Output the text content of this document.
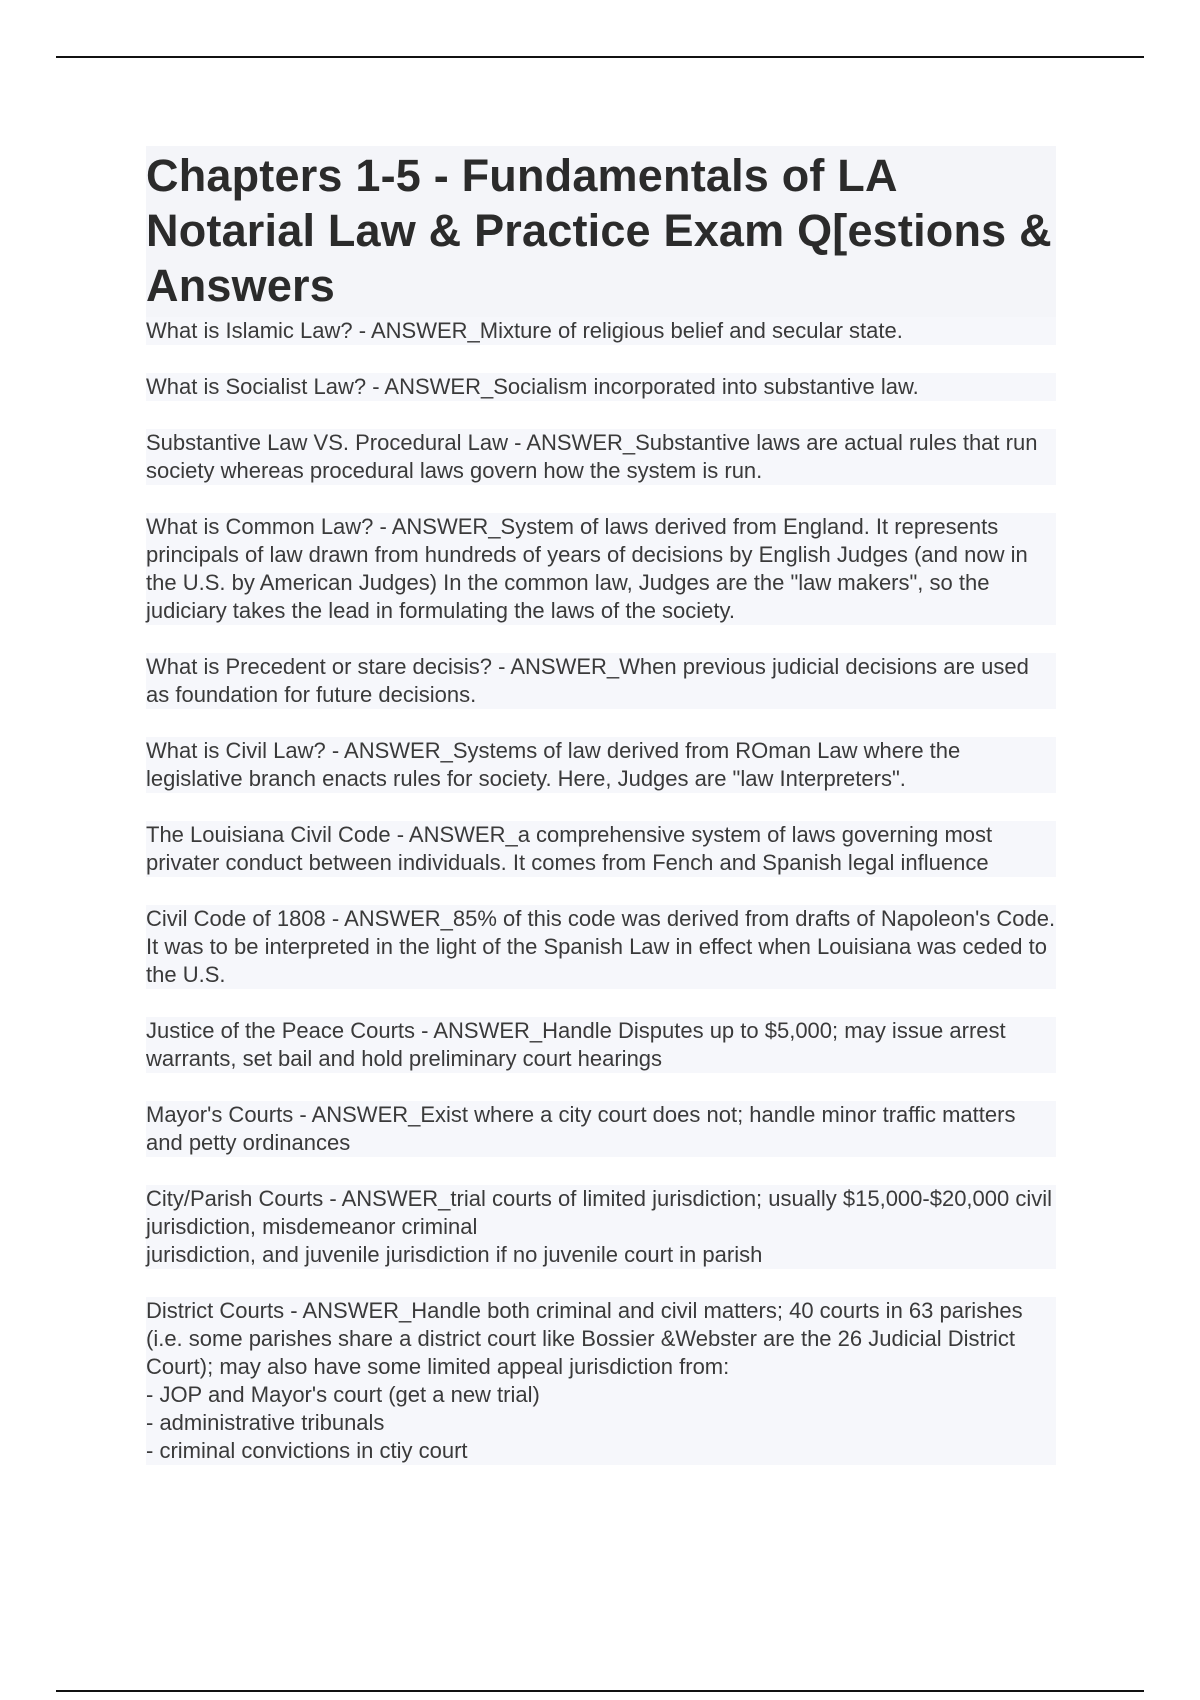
Chapters 1-5 - Fundamentals of LA Notarial Law & Practice Exam Q[estions & Answers

What is Islamic Law? - ANSWER_Mixture of religious belief and secular state.

What is Socialist Law? - ANSWER_Socialism incorporated into substantive law.

Substantive Law VS. Procedural Law - ANSWER_Substantive laws are actual rules that run society whereas procedural laws govern how the system is run.

What is Common Law? - ANSWER_System of laws derived from England. It represents principals of law drawn from hundreds of years of decisions by English Judges (and now in the U.S. by American Judges) In the common law, Judges are the "law makers", so the judiciary takes the lead in formulating the laws of the society.

What is Precedent or stare decisis? - ANSWER_When previous judicial decisions are used as foundation for future decisions.

What is Civil Law? - ANSWER_Systems of law derived from ROman Law where the legislative branch enacts rules for society. Here, Judges are "law Interpreters".

The Louisiana Civil Code - ANSWER_a comprehensive system of laws governing most privater conduct between individuals. It comes from Fench and Spanish legal influence

Civil Code of 1808 - ANSWER_85% of this code was derived from drafts of Napoleon's Code. It was to be interpreted in the light of the Spanish Law in effect when Louisiana was ceded to the U.S.

Justice of the Peace Courts - ANSWER_Handle Disputes up to $5,000; may issue arrest warrants, set bail and hold preliminary court hearings

Mayor's Courts - ANSWER_Exist where a city court does not; handle minor traffic matters and petty ordinances

City/Parish Courts - ANSWER_trial courts of limited jurisdiction; usually $15,000-$20,000 civil jurisdiction, misdemeanor criminal
jurisdiction, and juvenile jurisdiction if no juvenile court in parish

District Courts - ANSWER_Handle both criminal and civil matters; 40 courts in 63 parishes (i.e. some parishes share a district court like Bossier &Webster are the 26 Judicial District Court); may also have some limited appeal jurisdiction from:
- JOP and Mayor's court (get a new trial)
- administrative tribunals
- criminal convictions in ctiy court
